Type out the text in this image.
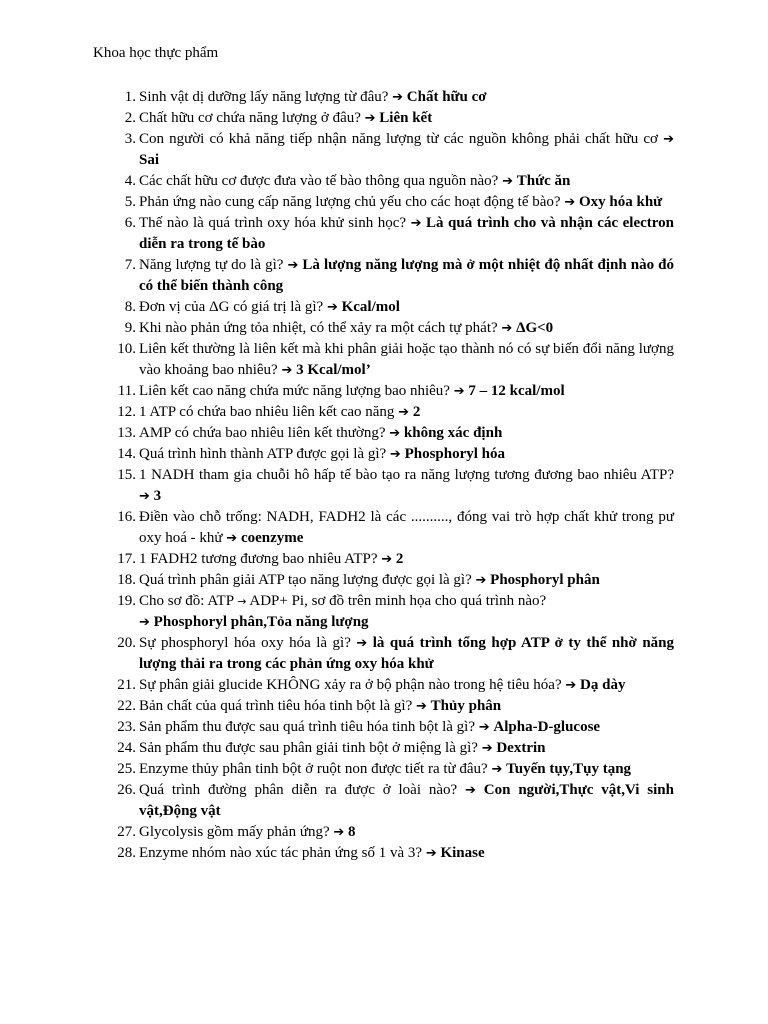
Khoa học thực phẩm
1. Sinh vật dị dưỡng lấy năng lượng từ đâu? ➔ Chất hữu cơ
2. Chất hữu cơ chứa năng lượng ở đâu? ➔ Liên kết
3. Con người có khả năng tiếp nhận năng lượng từ các nguồn không phải chất hữu cơ ➔ Sai
4. Các chất hữu cơ được đưa vào tế bào thông qua nguồn nào? ➔ Thức ăn
5. Phản ứng nào cung cấp năng lượng chủ yếu cho các hoạt động tế bào? ➔ Oxy hóa khử
6. Thế nào là quá trình oxy hóa khử sinh học? ➔ Là quá trình cho và nhận các electron diễn ra trong tế bào
7. Năng lượng tự do là gì? ➔ Là lượng năng lượng mà ở một nhiệt độ nhất định nào đó có thể biến thành công
8. Đơn vị của ΔG có giá trị là gì? ➔ Kcal/mol
9. Khi nào phản ứng tỏa nhiệt, có thể xảy ra một cách tự phát? ➔ ΔG<0
10. Liên kết thường là liên kết mà khi phân giải hoặc tạo thành nó có sự biến đổi năng lượng vào khoảng bao nhiêu? ➔ 3 Kcal/mol’
11. Liên kết cao năng chứa mức năng lượng bao nhiêu? ➔ 7 – 12 kcal/mol
12. 1 ATP có chứa bao nhiêu liên kết cao năng ➔ 2
13. AMP có chứa bao nhiêu liên kết thường? ➔ không xác định
14. Quá trình hình thành ATP được gọi là gì? ➔ Phosphoryl hóa
15. 1 NADH tham gia chuỗi hô hấp tế bào tạo ra năng lượng tương đương bao nhiêu ATP? ➔ 3
16. Điền vào chỗ trống: NADH, FADH2 là các .........., đóng vai trò hợp chất khử trong pư oxy hoá - khử ➔ coenzyme
17. 1 FADH2 tương đương bao nhiêu ATP? ➔ 2
18. Quá trình phân giải ATP tạo năng lượng được gọi là gì? ➔ Phosphoryl phân
19. Cho sơ đồ: ATP → ADP+ Pi, sơ đồ trên minh họa cho quá trình nào?
➔ Phosphoryl phân,Tỏa năng lượng
20. Sự phosphoryl hóa oxy hóa là gì? ➔ là quá trình tổng hợp ATP ở ty thể nhờ năng lượng thải ra trong các phản ứng oxy hóa khử
21. Sự phân giải glucide KHÔNG xảy ra ở bộ phận nào trong hệ tiêu hóa? ➔ Dạ dày
22. Bản chất của quá trình tiêu hóa tinh bột là gì? ➔ Thủy phân
23. Sản phẩm thu được sau quá trình tiêu hóa tinh bột là gì? ➔ Alpha-D-glucose
24. Sản phẩm thu được sau phân giải tinh bột ở miệng là gì? ➔ Dextrin
25. Enzyme thủy phân tinh bột ở ruột non được tiết ra từ đâu? ➔ Tuyến tụy,Tụy tạng
26. Quá trình đường phân diễn ra được ở loài nào? ➔ Con người,Thực vật,Vi sinh vật,Động vật
27. Glycolysis gồm mấy phản ứng? ➔ 8
28. Enzyme nhóm nào xúc tác phản ứng số 1 và 3? ➔ Kinase
